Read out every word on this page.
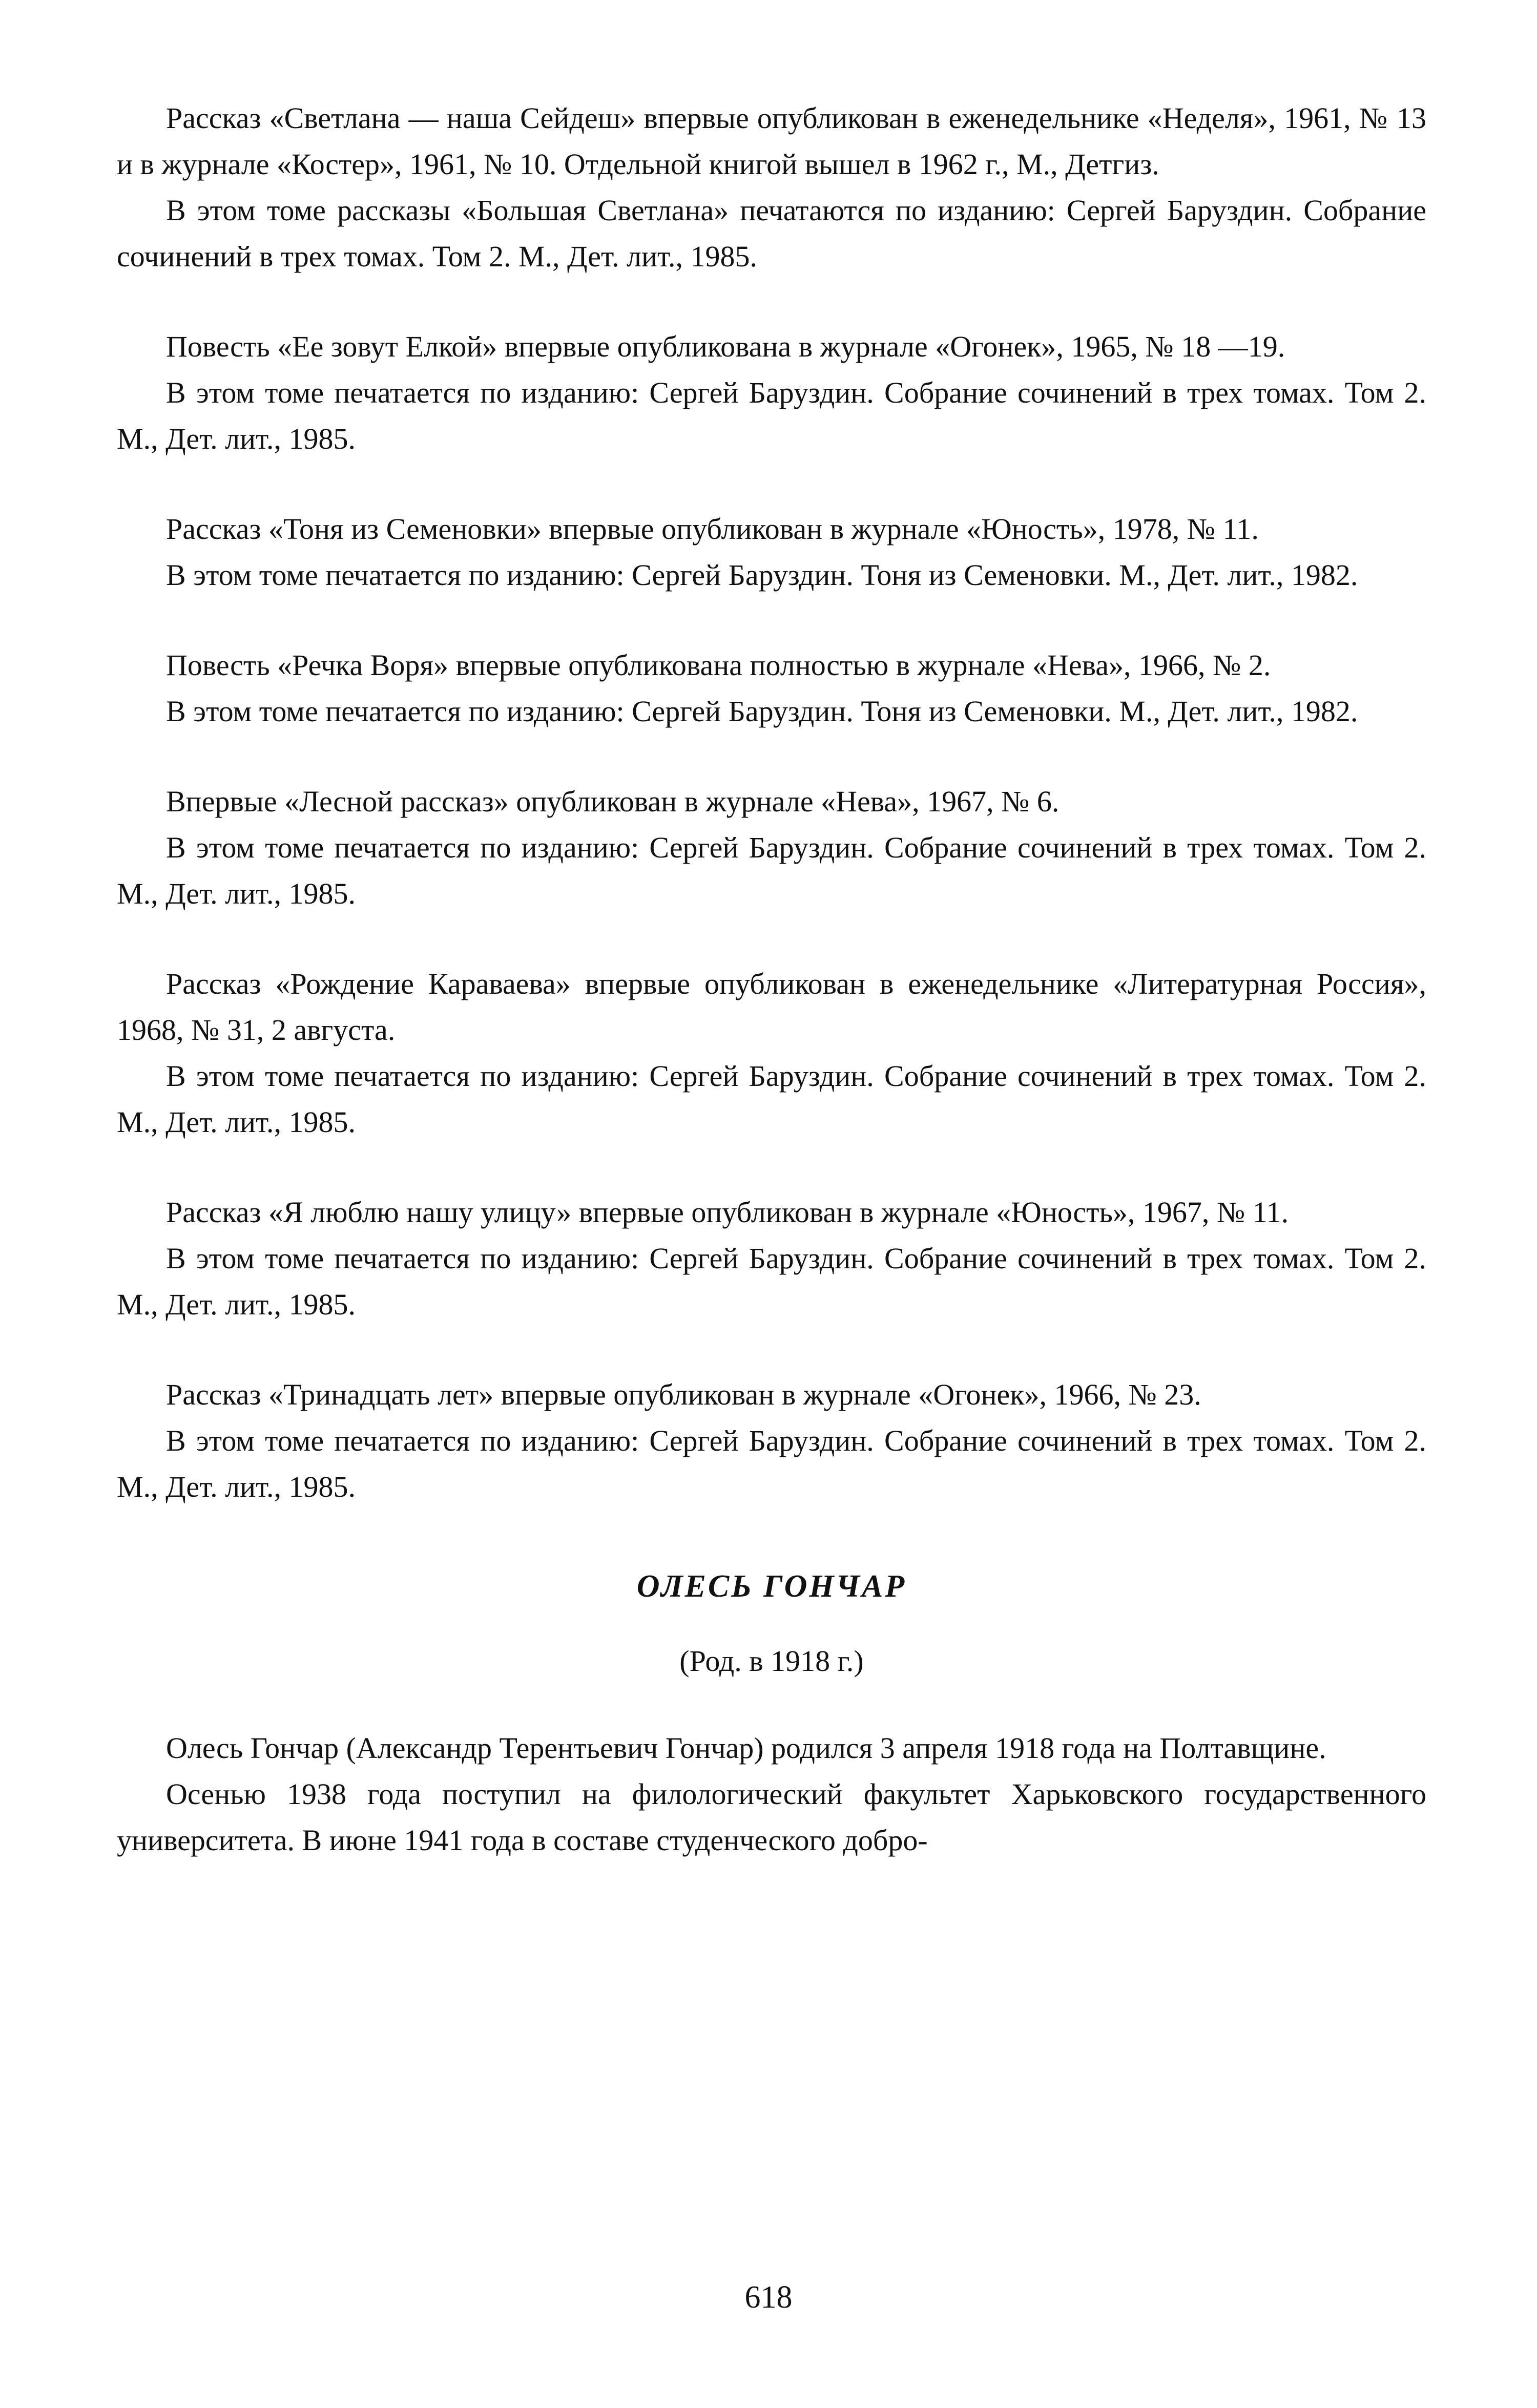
Рассказ «Светлана — наша Сейдеш» впервые опубликован в еженедельнике «Неделя», 1961, № 13 и в журнале «Костер», 1961, № 10. Отдельной книгой вышел в 1962 г., М., Детгиз.

В этом томе рассказы «Большая Светлана» печатаются по изданию: Сергей Баруздин. Собрание сочинений в трех томах. Том 2. М., Дет. лит., 1985.

Повесть «Ее зовут Елкой» впервые опубликована в журнале «Огонек», 1965, № 18 —19.

В этом томе печатается по изданию: Сергей Баруздин. Собрание сочинений в трех томах. Том 2. М., Дет. лит., 1985.

Рассказ «Тоня из Семеновки» впервые опубликован в журнале «Юность», 1978, № 11.

В этом томе печатается по изданию: Сергей Баруздин. Тоня из Семеновки. М., Дет. лит., 1982.

Повесть «Речка Воря» впервые опубликована полностью в журнале «Нева», 1966, № 2.

В этом томе печатается по изданию: Сергей Баруздин. Тоня из Семеновки. М., Дет. лит., 1982.

Впервые «Лесной рассказ» опубликован в журнале «Нева», 1967, № 6.

В этом томе печатается по изданию: Сергей Баруздин. Собрание сочинений в трех томах. Том 2. М., Дет. лит., 1985.

Рассказ «Рождение Караваева» впервые опубликован в еженедельнике «Литературная Россия», 1968, № 31, 2 августа.

В этом томе печатается по изданию: Сергей Баруздин. Собрание сочинений в трех томах. Том 2. М., Дет. лит., 1985.

Рассказ «Я люблю нашу улицу» впервые опубликован в журнале «Юность», 1967, № 11.

В этом томе печатается по изданию: Сергей Баруздин. Собрание сочинений в трех томах. Том 2. М., Дет. лит., 1985.

Рассказ «Тринадцать лет» впервые опубликован в журнале «Огонек», 1966, № 23.

В этом томе печатается по изданию: Сергей Баруздин. Собрание сочинений в трех томах. Том 2. М., Дет. лит., 1985.

ОЛЕСЬ ГОНЧАР
(Род. в 1918 г.)

Олесь Гончар (Александр Терентьевич Гончар) родился 3 апреля 1918 года на Полтавщине.

Осенью 1938 года поступил на филологический факультет Харьковского государственного университета. В июне 1941 года в составе студенческого добро-

618
